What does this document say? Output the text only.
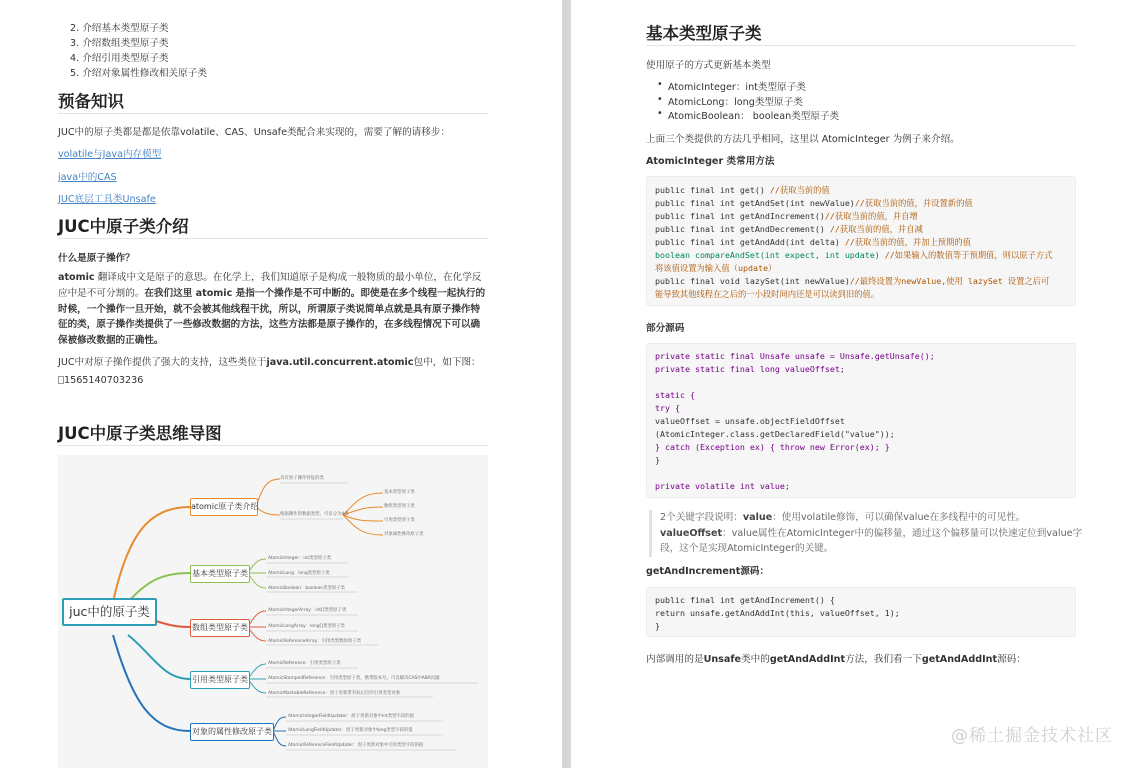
2. 介绍基本类型原子类
3. 介绍数组类型原子类
4. 介绍引用类型原子类
5. 介绍对象属性修改相关原子类
预备知识
JUC中的原子类都是都是依靠volatile、CAS、Unsafe类配合来实现的，需要了解的请移步：
volatile与Java内存模型
java中的CAS
JUC底层工具类Unsafe
JUC中原子类介绍
什么是原子操作？
atomic 翻译成中文是原子的意思。在化学上，我们知道原子是构成一般物质的最小单位，在化学反应中是不可分割的。在我们这里 atomic 是指一个操作是不可中断的。即使是在多个线程一起执行的时候，一个操作一旦开始，就不会被其他线程干扰，所以，所谓原子类说简单点就是具有原子操作特征的类，原子操作类提供了一些修改数据的方法，这些方法都是原子操作的，在多线程情况下可以确保被修改数据的正确性。
JUC中对原子操作提供了强大的支持，这些类位于java.util.concurrent.atomic包中，如下图：
1565140703236
JUC中原子类思维导图
juc中的原子类
atomic原子类介绍
具有原子操作特征的类
根据操作的数据类型，可以分为4类
基本类型原子类
数组类型原子类
引用类型原子类
对象属性修改原子类
基本类型原子类
AtomicInteger：int类型原子类
AtomicLong：long类型原子类
AtomicBoolean：boolean类型原子类
数组类型原子类
AtomicIntegerArray：int[]类型原子类
AtomicLongArray：long[]类型原子类
AtomicReferenceArray：引用类型数组原子类
引用类型原子类
AtomicReference：引用类型原子类
AtomicStampedReference：引用类型原子类，携带版本号，可以解决CAS中ABA问题
AtomicMarkableReference：原子更新带有标记位的引用类型对象
对象的属性修改原子类
AtomicIntegerFieldUpdater：原子更新对象中int类型字段的值
AtomicLongFieldUpdater：原子更新对象中long类型字段的值
AtomicReferenceFieldUpdater：原子更新对象中引用类型字段的值
基本类型原子类
使用原子的方式更新基本类型
• AtomicInteger：int类型原子类
• AtomicLong：long类型原子类
• AtomicBoolean： boolean类型原子类
上面三个类提供的方法几乎相同，这里以 AtomicInteger 为例子来介绍。
AtomicInteger 类常用方法
public final int get() //获取当前的值
public final int getAndSet(int newValue)//获取当前的值，并设置新的值
public final int getAndIncrement()//获取当前的值，并自增
public final int getAndDecrement() //获取当前的值，并自减
public final int getAndAdd(int delta) //获取当前的值，并加上预期的值
boolean compareAndSet(int expect, int update) //如果输入的数值等于预期值，则以原子方式
将该值设置为输入值（update）
public final void lazySet(int newValue)//最终设置为newValue,使用 lazySet 设置之后可
能导致其他线程在之后的一小段时间内还是可以读到旧的值。
部分源码
private static final Unsafe unsafe = Unsafe.getUnsafe();
private static final long valueOffset;
static {
try {
valueOffset = unsafe.objectFieldOffset
(AtomicInteger.class.getDeclaredField("value"));
} catch (Exception ex) { throw new Error(ex); }
}
private volatile int value;
2个关键字段说明：value：使用volatile修饰，可以确保value在多线程中的可见性。
valueOffset：value属性在AtomicInteger中的偏移量，通过这个偏移量可以快速定位到value字
段，这个是实现AtomicInteger的关键。
getAndIncrement源码：
public final int getAndIncrement() {
return unsafe.getAndAddInt(this, valueOffset, 1);
}
内部调用的是Unsafe类中的getAndAddInt方法，我们看一下getAndAddInt源码：
@稀土掘金技术社区
